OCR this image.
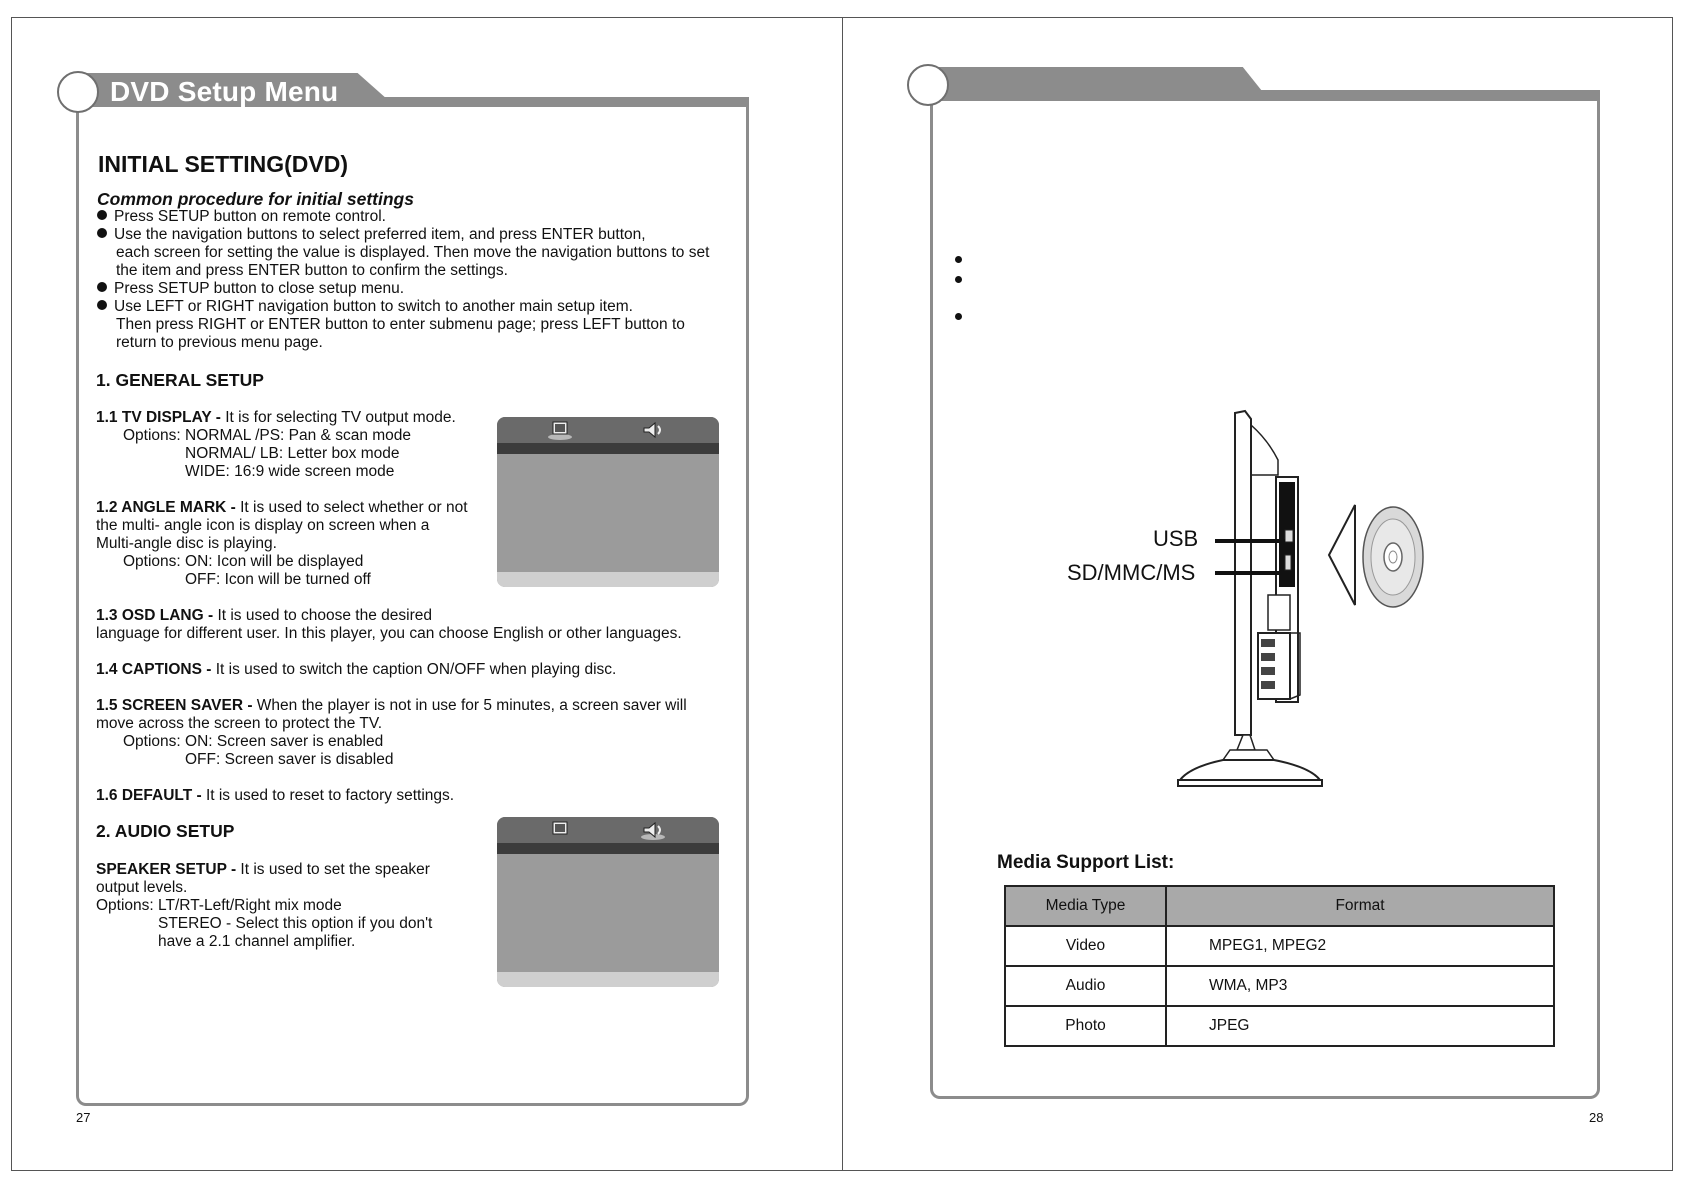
DVD Setup Menu
INITIAL SETTING(DVD)
Common procedure for initial settings
Press SETUP button on remote control.
Use the navigation buttons to select preferred item, and press ENTER button,
each screen for setting the value is displayed. Then move the navigation buttons to set
the item and press ENTER button to confirm the settings.
Press SETUP button to close setup menu.
Use LEFT or RIGHT navigation button to switch to another main setup item.
Then press RIGHT or ENTER button to enter submenu page; press LEFT button to
return to previous menu page.
1. GENERAL SETUP
1.1 TV DISPLAY - It is for selecting TV output mode.
Options: NORMAL /PS: Pan & scan mode
NORMAL/ LB: Letter box mode
WIDE: 16:9 wide screen mode
1.2 ANGLE MARK - It is used to select whether or not
the multi- angle icon is display on screen when a
Multi-angle disc is playing.
Options: ON: Icon will be displayed
OFF: Icon will be turned off
1.3 OSD LANG - It is used to choose the desired
language for different user. In this player, you can choose English or other languages.
1.4 CAPTIONS - It is used to switch the caption ON/OFF when playing disc.
1.5 SCREEN SAVER - When the player is not in use for 5 minutes, a screen saver will
move across the screen to protect the TV.
Options: ON: Screen saver is enabled
OFF: Screen saver is disabled
1.6 DEFAULT - It is used to reset to factory settings.
2. AUDIO SETUP
SPEAKER SETUP - It is used to set the speaker
output levels.
Options: LT/RT-Left/Right mix mode
STEREO - Select this option if you don't
have a 2.1 channel amplifier.
27
USB
SD/MMC/MS
Media Support List:
Media Type	Format
Video	MPEG1, MPEG2
Audio	WMA, MP3
Photo	JPEG
28
